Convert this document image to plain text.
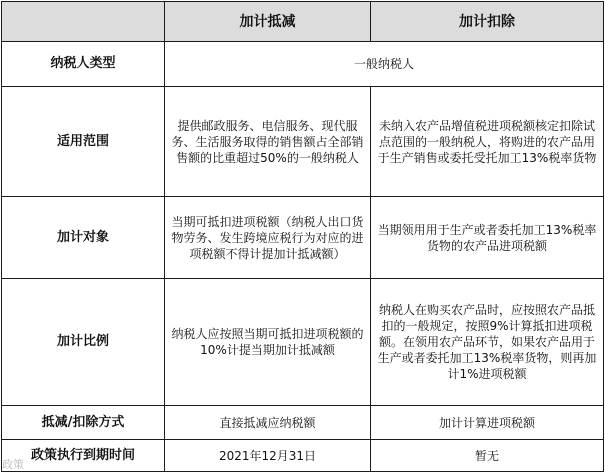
	加计抵减	加计扣除
纳税人类型	一般纳税人	
适用范围	提供邮政服务、电信服务、现代服务、生活服务取得的销售额占全部销售额的比重超过50%的一般纳税人	未纳入农产品增值税进项税额核定扣除试点范围的一般纳税人，将购进的农产品用于生产销售或委托受托加工13%税率货物
加计对象	当期可抵扣进项税额（纳税人出口货物劳务、发生跨境应税行为对应的进项税额不得计提加计抵减额）	当期领用用于生产或者委托加工13%税率货物的农产品进项税额
加计比例	纳税人应按照当期可抵扣进项税额的10%计提当期加计抵减额	纳税人在购买农产品时，应按照农产品抵扣的一般规定，按照9%计算抵扣进项税额。在领用农产品环节，如果农产品用于生产或者委托加工13%税率货物，则再加计1%进项税额
抵减/扣除方式	直接抵减应纳税额	加计计算进项税额
政策执行到期时间	2021年12月31日	暂无
政策
